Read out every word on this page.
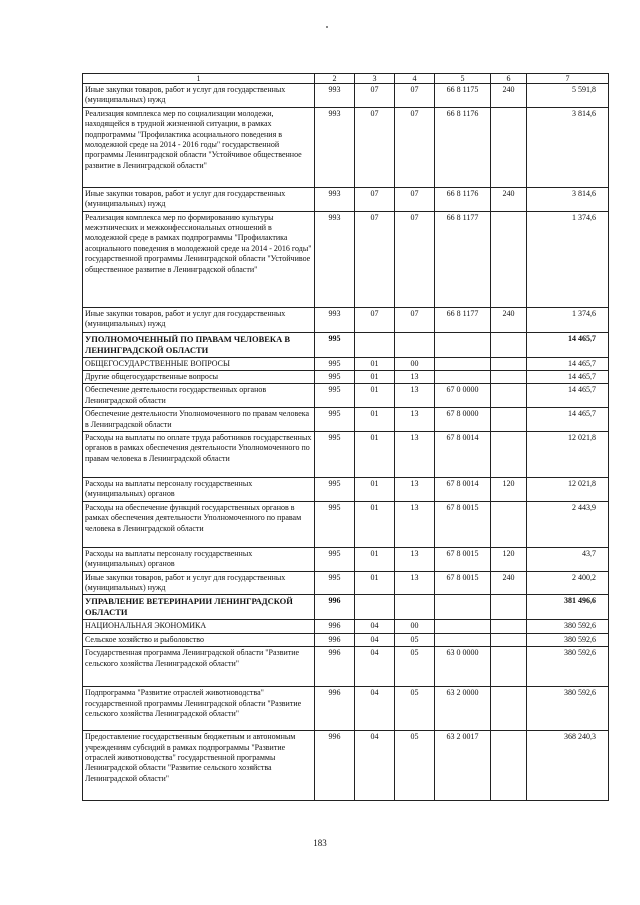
1	2	3	4	5	6	7
Иные закупки товаров, работ и услуг для государственных (муниципальных) нужд	993	07	07	66 8 1175	240	5 591,8
Реализация комплекса мер по социализации молодежи, находящейся в трудной жизненной ситуации, в рамках подпрограммы "Профилактика асоциального поведения в молодежной среде на 2014 - 2016 годы" государственной программы Ленинградской области "Устойчивое общественное развитие в Ленинградской области"	993	07	07	66 8 1176		3 814,6
Иные закупки товаров, работ и услуг для государственных (муниципальных) нужд	993	07	07	66 8 1176	240	3 814,6
Реализация комплекса мер по формированию культуры межэтнических и межконфессиональных отношений в молодежной среде в рамках подпрограммы "Профилактика асоциального поведения в молодежной среде на 2014 - 2016 годы" государственной программы Ленинградской области "Устойчивое общественное развитие в Ленинградской области"	993	07	07	66 8 1177		1 374,6
Иные закупки товаров, работ и услуг для государственных (муниципальных) нужд	993	07	07	66 8 1177	240	1 374,6
УПОЛНОМОЧЕННЫЙ ПО ПРАВАМ ЧЕЛОВЕКА В ЛЕНИНГРАДСКОЙ ОБЛАСТИ	995					14 465,7
ОБЩЕГОСУДАРСТВЕННЫЕ ВОПРОСЫ	995	01	00			14 465,7
Другие общегосударственные вопросы	995	01	13			14 465,7
Обеспечение деятельности государственных органов Ленинградской области	995	01	13	67 0 0000		14 465,7
Обеспечение деятельности Уполномоченного по правам человека в Ленинградской области	995	01	13	67 8 0000		14 465,7
Расходы на выплаты по оплате труда работников государственных органов в рамках обеспечения деятельности Уполномоченного по правам человека в Ленинградской области	995	01	13	67 8 0014		12 021,8
Расходы на выплаты персоналу государственных (муниципальных) органов	995	01	13	67 8 0014	120	12 021,8
Расходы на обеспечение функций государственных органов в рамках обеспечения деятельности Уполномоченного по правам человека в Ленинградской области	995	01	13	67 8 0015		2 443,9
Расходы на выплаты персоналу государственных (муниципальных) органов	995	01	13	67 8 0015	120	43,7
Иные закупки товаров, работ и услуг для государственных (муниципальных) нужд	995	01	13	67 8 0015	240	2 400,2
УПРАВЛЕНИЕ ВЕТЕРИНАРИИ ЛЕНИНГРАДСКОЙ ОБЛАСТИ	996					381 496,6
НАЦИОНАЛЬНАЯ ЭКОНОМИКА	996	04	00			380 592,6
Сельское хозяйство и рыболовство	996	04	05			380 592,6
Государственная программа Ленинградской области "Развитие сельского хозяйства Ленинградской области"	996	04	05	63 0 0000		380 592,6
Подпрограмма "Развитие отраслей животноводства" государственной программы Ленинградской области "Развитие сельского хозяйства Ленинградской области"	996	04	05	63 2 0000		380 592,6
Предоставление государственным бюджетным и автономным учреждениям субсидий в рамках подпрограммы "Развитие отраслей животноводства" государственной программы Ленинградской области "Развитие сельского хозяйства Ленинградской области"	996	04	05	63 2 0017		368 240,3
183
